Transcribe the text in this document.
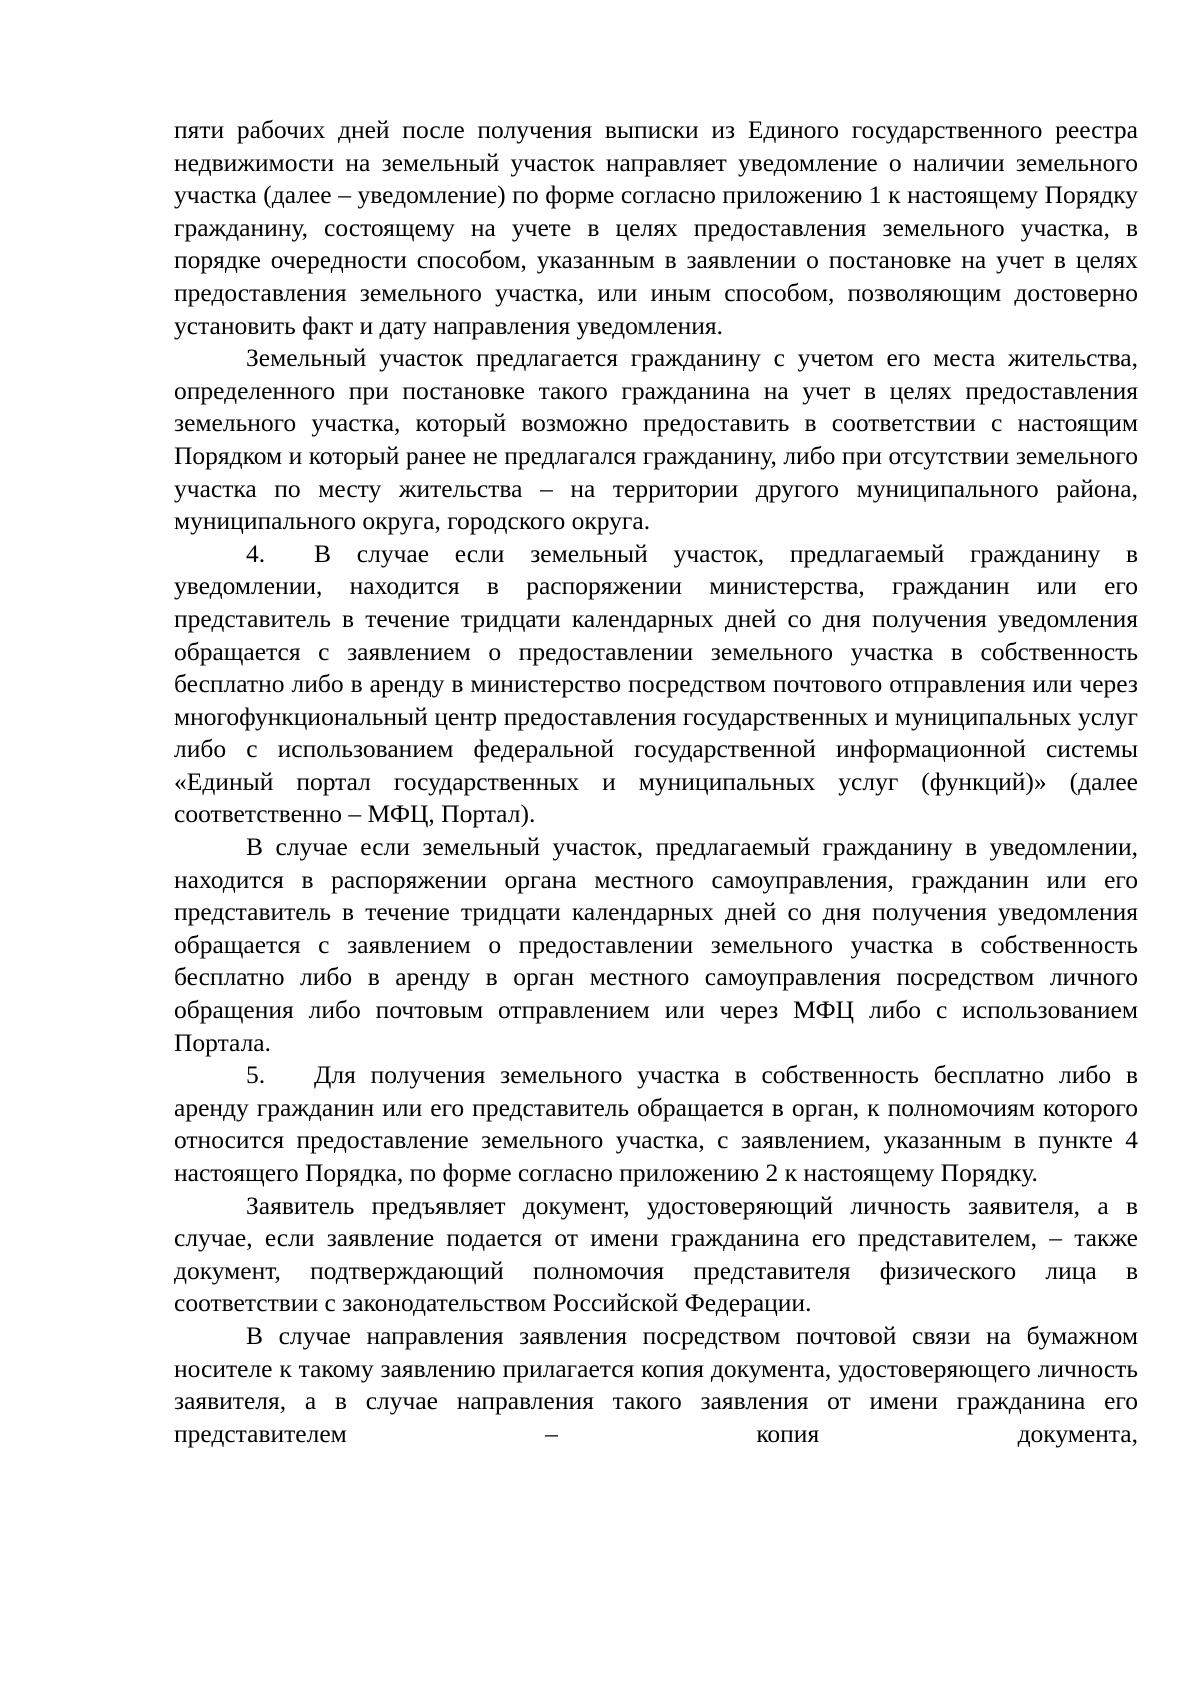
пяти рабочих дней после получения выписки из Единого государственного реестра недвижимости на земельный участок направляет уведомление о наличии земельного участка (далее – уведомление) по форме согласно приложению 1 к настоящему Порядку гражданину, состоящему на учете в целях предоставления земельного участка, в порядке очередности способом, указанным в заявлении о постановке на учет в целях предоставления земельного участка, или иным способом, позволяющим достоверно установить факт и дату направления уведомления.

Земельный участок предлагается гражданину с учетом его места жительства, определенного при постановке такого гражданина на учет в целях предоставления земельного участка, который возможно предоставить в соответствии с настоящим Порядком и который ранее не предлагался гражданину, либо при отсутствии земельного участка по месту жительства – на территории другого муниципального района, муниципального округа, городского округа.

4. В случае если земельный участок, предлагаемый гражданину в уведомлении, находится в распоряжении министерства, гражданин или его представитель в течение тридцати календарных дней со дня получения уведомления обращается с заявлением о предоставлении земельного участка в собственность бесплатно либо в аренду в министерство посредством почтового отправления или через многофункциональный центр предоставления государственных и муниципальных услуг либо с использованием федеральной государственной информационной системы «Единый портал государственных и муниципальных услуг (функций)» (далее соответственно – МФЦ, Портал).

В случае если земельный участок, предлагаемый гражданину в уведомлении, находится в распоряжении органа местного самоуправления, гражданин или его представитель в течение тридцати календарных дней со дня получения уведомления обращается с заявлением о предоставлении земельного участка в собственность бесплатно либо в аренду в орган местного самоуправления посредством личного обращения либо почтовым отправлением или через МФЦ либо с использованием Портала.

5. Для получения земельного участка в собственность бесплатно либо в аренду гражданин или его представитель обращается в орган, к полномочиям которого относится предоставление земельного участка, с заявлением, указанным в пункте 4 настоящего Порядка, по форме согласно приложению 2 к настоящему Порядку.

Заявитель предъявляет документ, удостоверяющий личность заявителя, а в случае, если заявление подается от имени гражданина его представителем, – также документ, подтверждающий полномочия представителя физического лица в соответствии с законодательством Российской Федерации.

В случае направления заявления посредством почтовой связи на бумажном носителе к такому заявлению прилагается копия документа, удостоверяющего личность заявителя, а в случае направления такого заявления от имени гражданина его представителем – копия документа,
